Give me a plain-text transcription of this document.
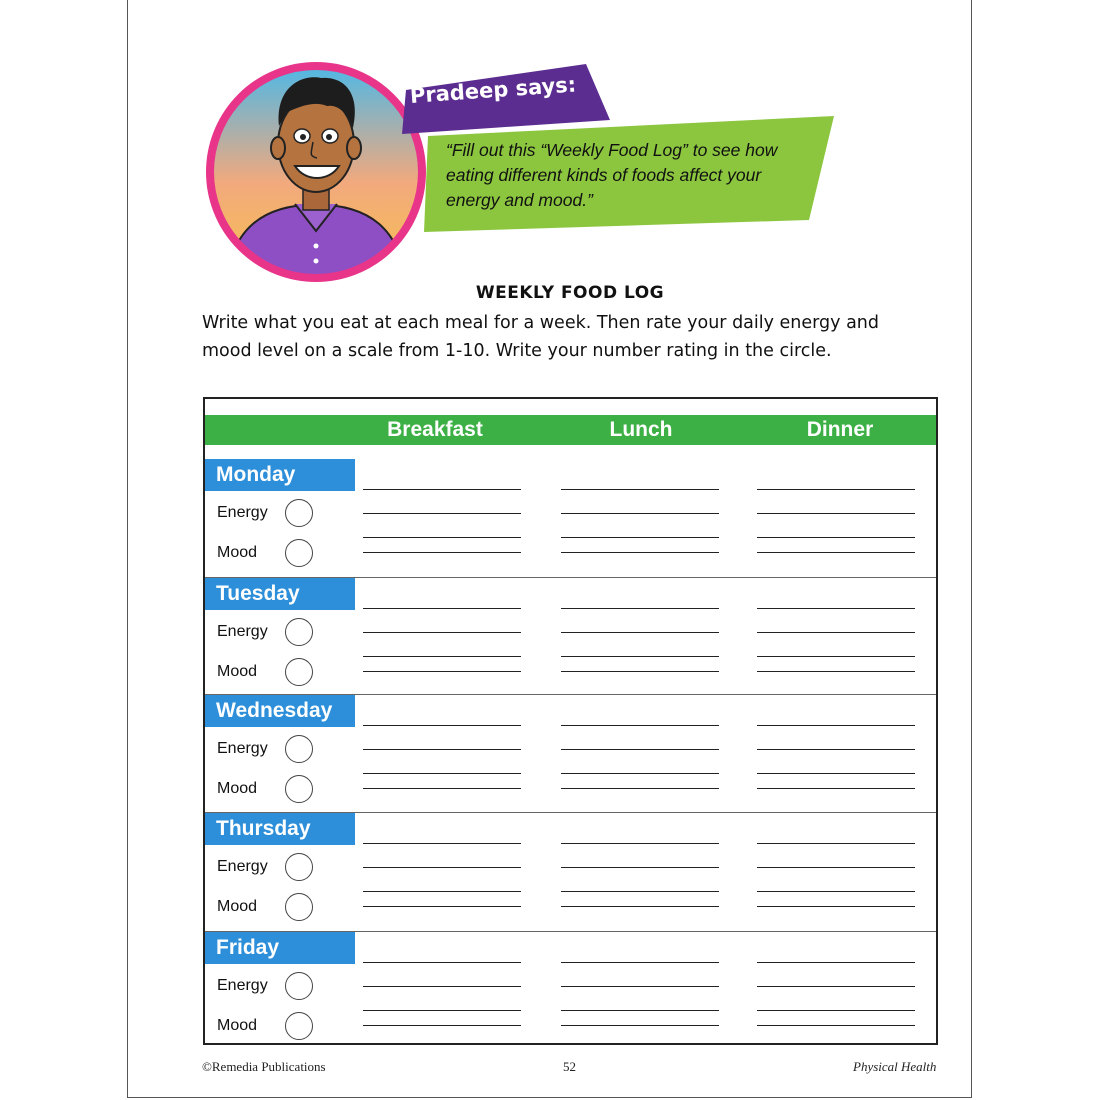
Pradeep says:
“Fill out this “Weekly Food Log” to see how eating different kinds of foods affect your energy and mood.”
WEEKLY FOOD LOG
Write what you eat at each meal for a week. Then rate your daily energy and mood level on a scale from 1-10. Write your number rating in the circle.
Breakfast	Lunch	Dinner
Monday
Energy
Mood
Tuesday
Energy
Mood
Wednesday
Energy
Mood
Thursday
Energy
Mood
Friday
Energy
Mood
©Remedia Publications	52	Physical Health
